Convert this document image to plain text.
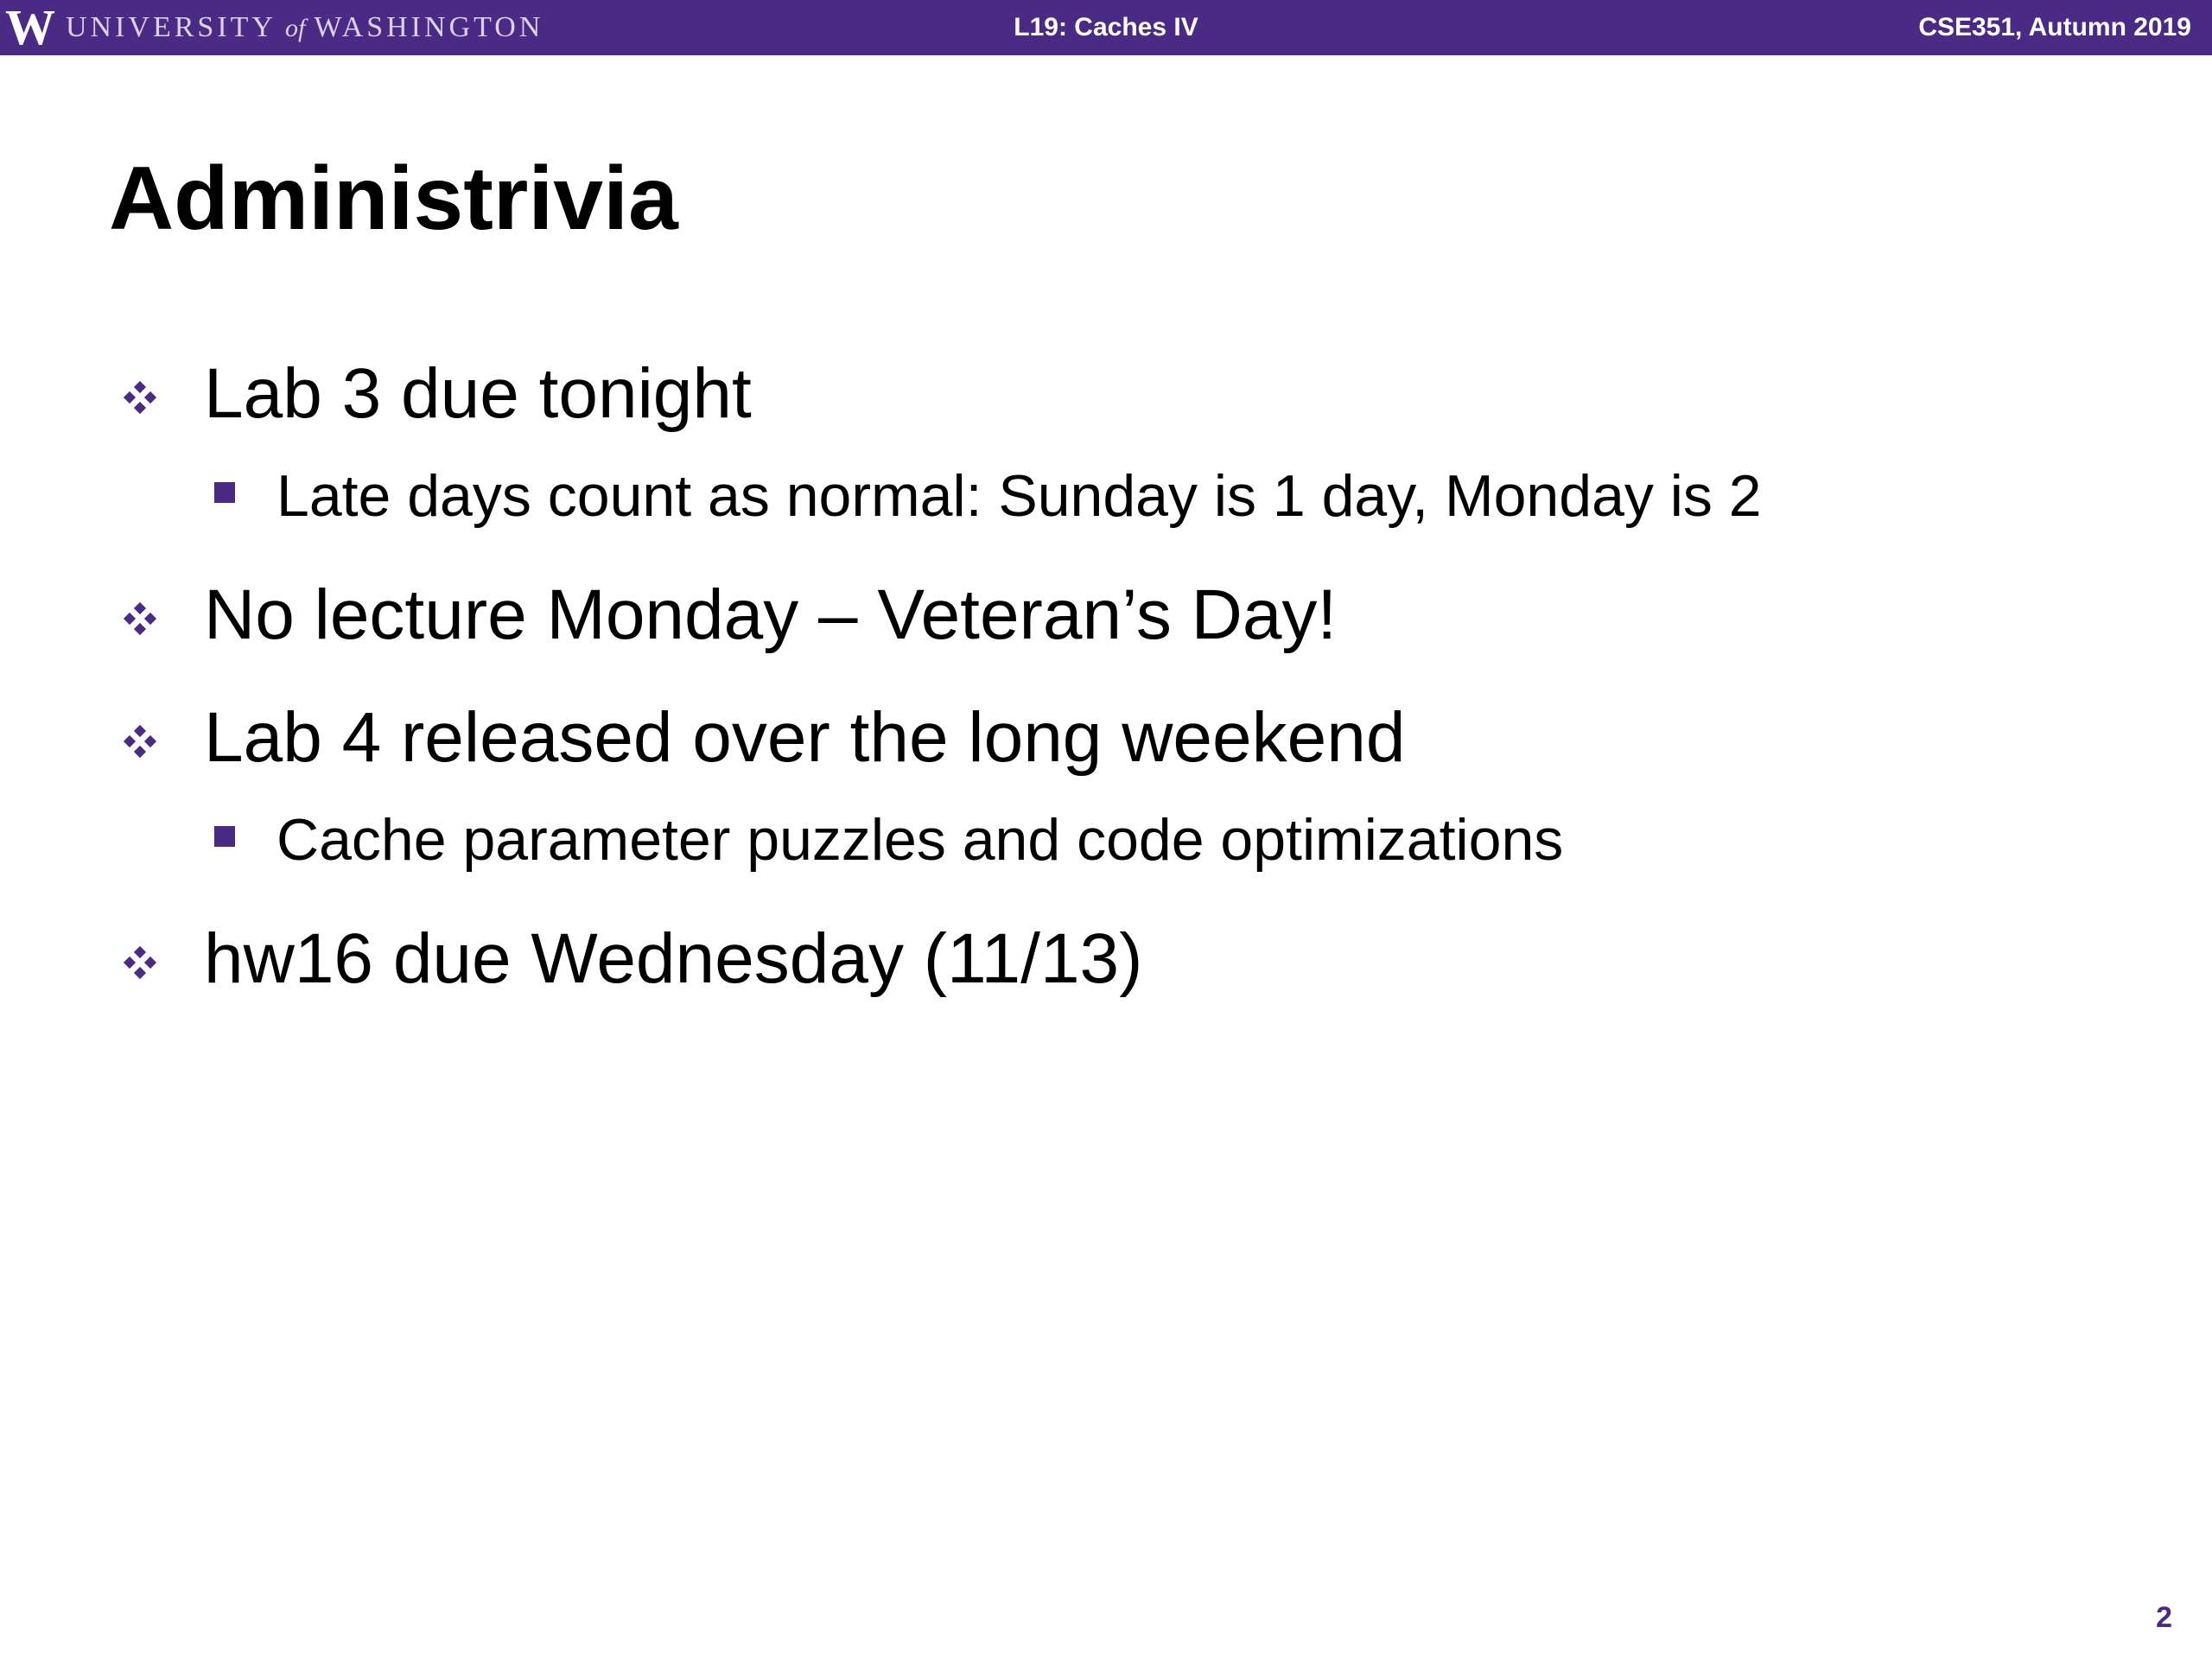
W UNIVERSITY of WASHINGTON	L19: Caches IV	CSE351, Autumn 2019
Administrivia
Lab 3 due tonight
Late days count as normal: Sunday is 1 day, Monday is 2
No lecture Monday – Veteran’s Day!
Lab 4 released over the long weekend
Cache parameter puzzles and code optimizations
hw16 due Wednesday (11/13)
2
